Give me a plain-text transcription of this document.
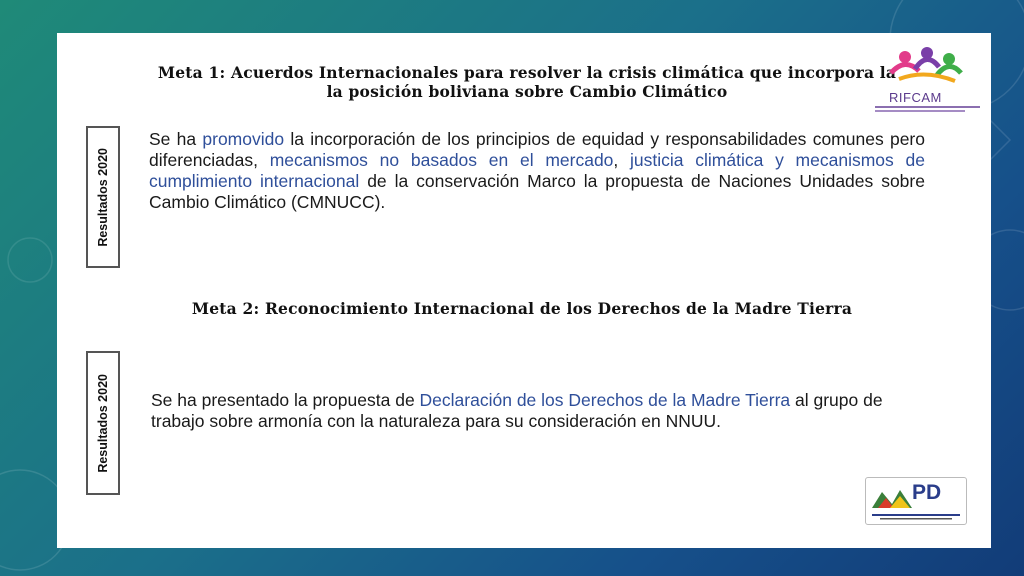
Meta 1: Acuerdos Internacionales para resolver la crisis climática que incorpora la
la posición boliviana sobre Cambio Climático
Resultados 2020
Se ha promovido la incorporación de los principios de equidad y responsabilidades comunes pero diferenciadas, mecanismos no basados en el mercado, justicia climática y mecanismos de cumplimiento internacional de la conservación Marco la propuesta de Naciones Unidades sobre Cambio Climático (CMNUCC).
Meta 2: Reconocimiento Internacional de los Derechos de la Madre Tierra
Resultados 2020 Se ha presentado la propuesta de Declaración de los Derechos de la Madre Tierra al grupo de trabajo sobre armonía con la naturaleza para su consideración en NNUU.
RIFCAM
PD
